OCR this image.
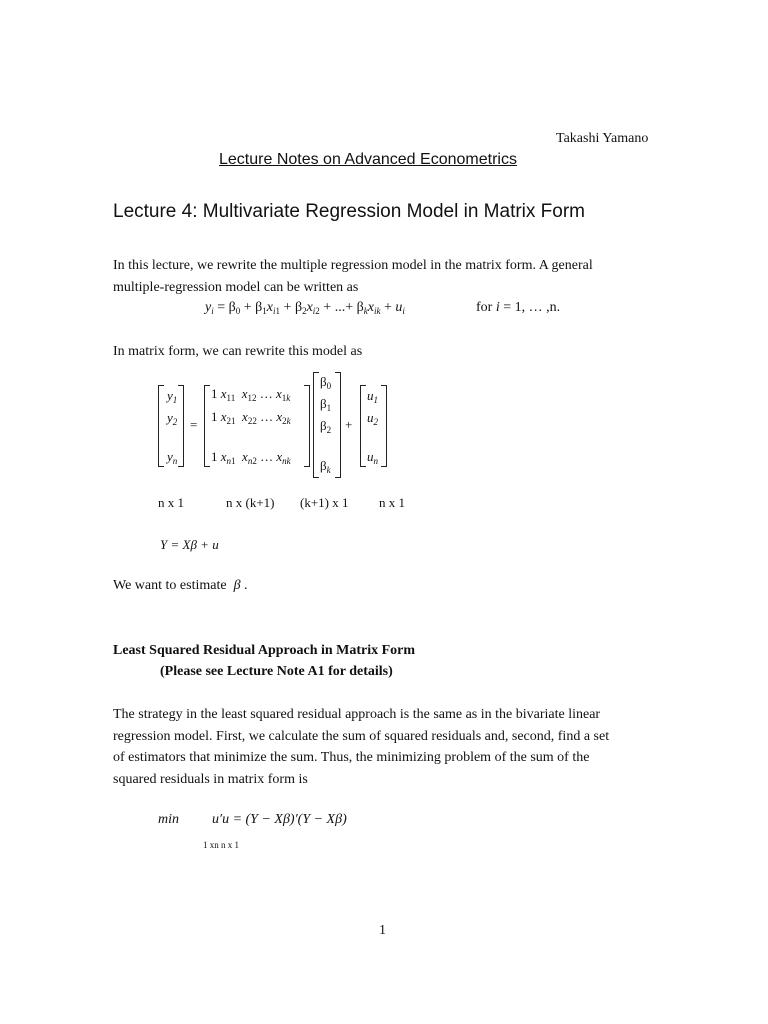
Takashi Yamano
Lecture Notes on Advanced Econometrics
Lecture 4: Multivariate Regression Model in Matrix Form
In this lecture, we rewrite the multiple regression model in the matrix form. A general
multiple-regression model can be written as
$y_i = \beta_0 + \beta_1x_{i1} + \beta_2x_{i2}$ + ...+ $\beta_kx_{ik} + u_i$	for i = 1, … ,n.
In matrix form, we can rewrite this model as
$y_1$
$y_2$
$y_n$
=
1 $x_{11}$ $x_{12}$ … $x_{1k}$
1 $x_{21}$ $x_{22}$ … $x_{2k}$
1 $x_{n1}$ $x_{n2}$ … $x_{nk}$
$\beta_0$
$\beta_1$
$\beta_2$
$\beta_k$
+
$u_1$
$u_2$
$u_n$
n x 1	n x (k+1) (k+1) x 1 n x 1
Y = Xβ + u
We want to estimate β .
Least Squared Residual Approach in Matrix Form
(Please see Lecture Note A1 for details)
The strategy in the least squared residual approach is the same as in the bivariate linear
regression model. First, we calculate the sum of squared residuals and, second, find a set
of estimators that minimize the sum. Thus, the minimizing problem of the sum of the
squared residuals in matrix form is
min u′u = (Y − Xβ)′(Y − Xβ)
1 xn n x 1
1
